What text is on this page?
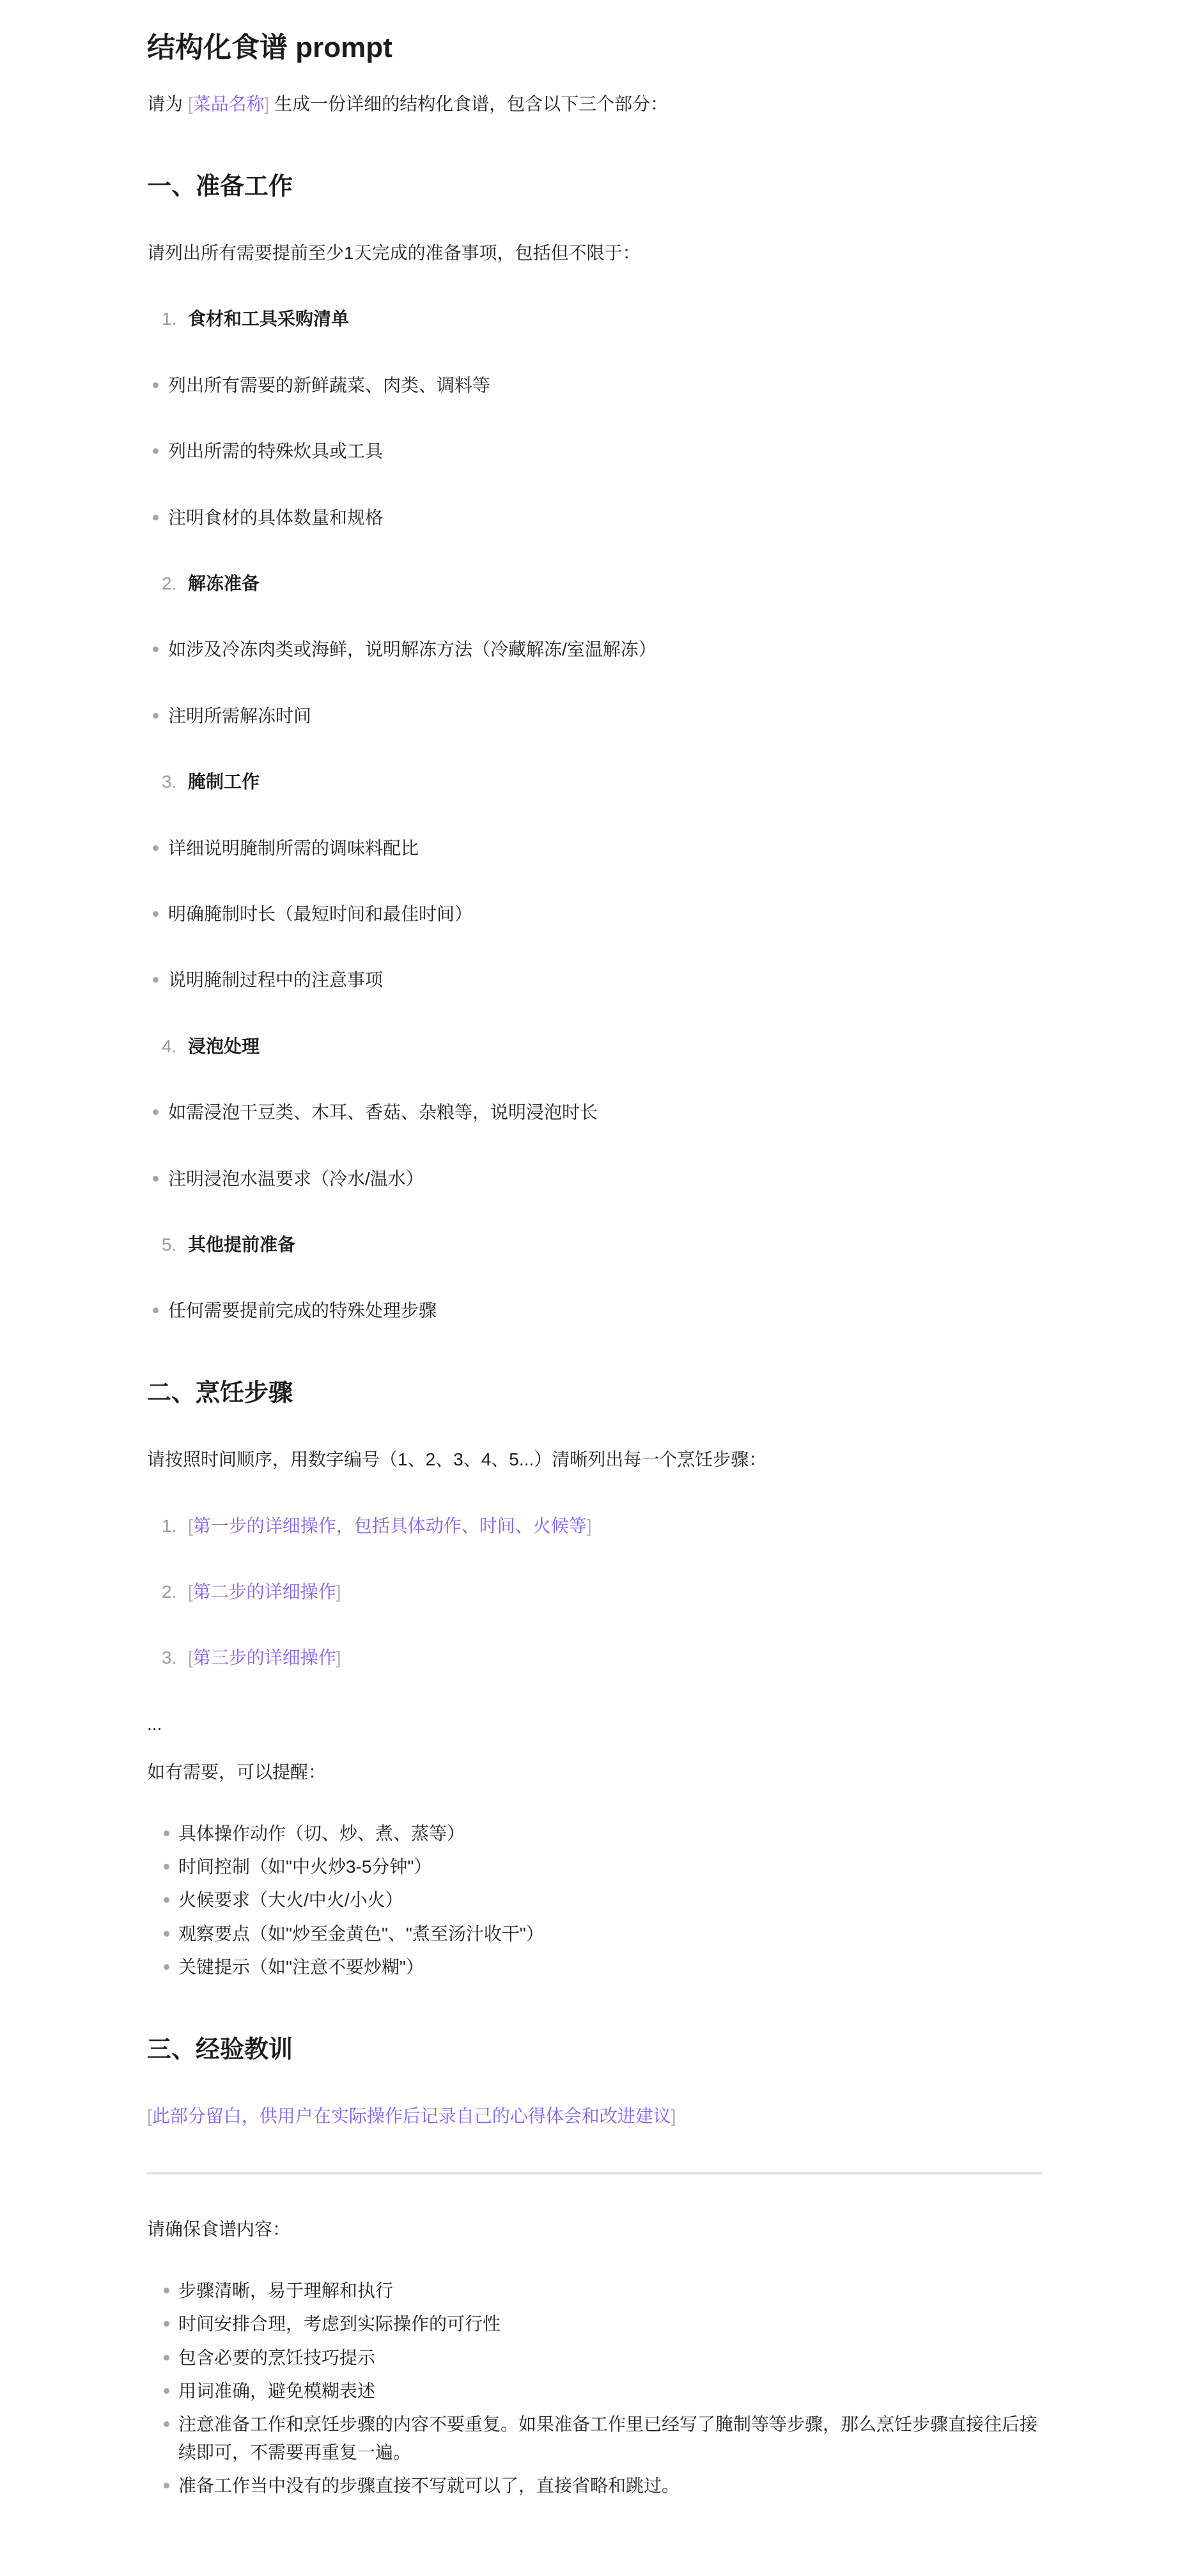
结构化食谱 prompt

请为 [菜品名称] 生成一份详细的结构化食谱，包含以下三个部分：

一、准备工作

请列出所有需要提前至少1天完成的准备事项，包括但不限于：

1. 食材和工具采购清单
列出所有需要的新鲜蔬菜、肉类、调料等
列出所需的特殊炊具或工具
注明食材的具体数量和规格
2. 解冻准备
如涉及冷冻肉类或海鲜，说明解冻方法（冷藏解冻/室温解冻）
注明所需解冻时间
3. 腌制工作
详细说明腌制所需的调味料配比
明确腌制时长（最短时间和最佳时间）
说明腌制过程中的注意事项
4. 浸泡处理
如需浸泡干豆类、木耳、香菇、杂粮等，说明浸泡时长
注明浸泡水温要求（冷水/温水）
5. 其他提前准备
任何需要提前完成的特殊处理步骤
二、烹饪步骤

请按照时间顺序，用数字编号（1、2、3、4、5...）清晰列出每一个烹饪步骤：

1. [第一步的详细操作，包括具体动作、时间、火候等]
2. [第二步的详细操作]
3. [第三步的详细操作]

...

如有需要，可以提醒：

具体操作动作（切、炒、煮、蒸等）
时间控制（如"中火炒3-5分钟"）
火候要求（大火/中火/小火）
观察要点（如"炒至金黄色"、"煮至汤汁收干"）
关键提示（如"注意不要炒糊"）
三、经验教训

[此部分留白，供用户在实际操作后记录自己的心得体会和改进建议]

请确保食谱内容：

步骤清晰，易于理解和执行
时间安排合理，考虑到实际操作的可行性
包含必要的烹饪技巧提示
用词准确，避免模糊表述
注意准备工作和烹饪步骤的内容不要重复。如果准备工作里已经写了腌制等等步骤，那么烹饪步骤直接往后接续即可，不需要再重复一遍。
准备工作当中没有的步骤直接不写就可以了，直接省略和跳过。
